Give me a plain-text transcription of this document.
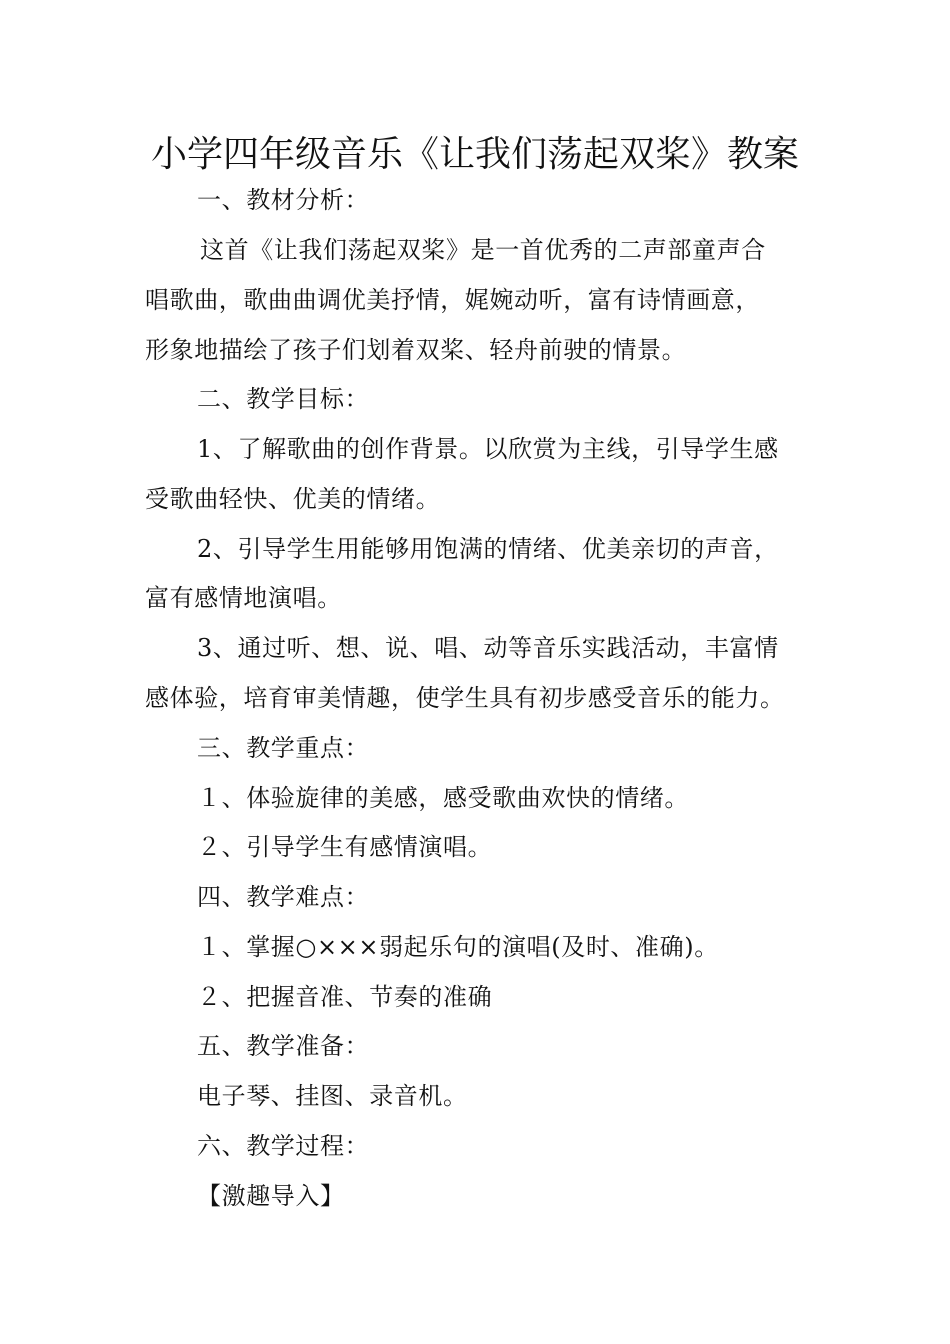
小学四年级音乐《让我们荡起双桨》教案
一、教材分析：
这首《让我们荡起双桨》是一首优秀的二声部童声合
唱歌曲，歌曲曲调优美抒情，娓婉动听，富有诗情画意，
形象地描绘了孩子们划着双桨、轻舟前驶的情景。
二、教学目标：
1、了解歌曲的创作背景。以欣赏为主线，引导学生感
受歌曲轻快、优美的情绪。
2、引导学生用能够用饱满的情绪、优美亲切的声音，
富有感情地演唱。
3、通过听、想、说、唱、动等音乐实践活动，丰富情
感体验，培育审美情趣，使学生具有初步感受音乐的能力。
三、教学重点：
１、体验旋律的美感，感受歌曲欢快的情绪。
２、引导学生有感情演唱。
四、教学难点：
１、掌握○×××弱起乐句的演唱(及时、准确)。
２、把握音准、节奏的准确
五、教学准备：
电子琴、挂图、录音机。
六、教学过程：
【激趣导入】
